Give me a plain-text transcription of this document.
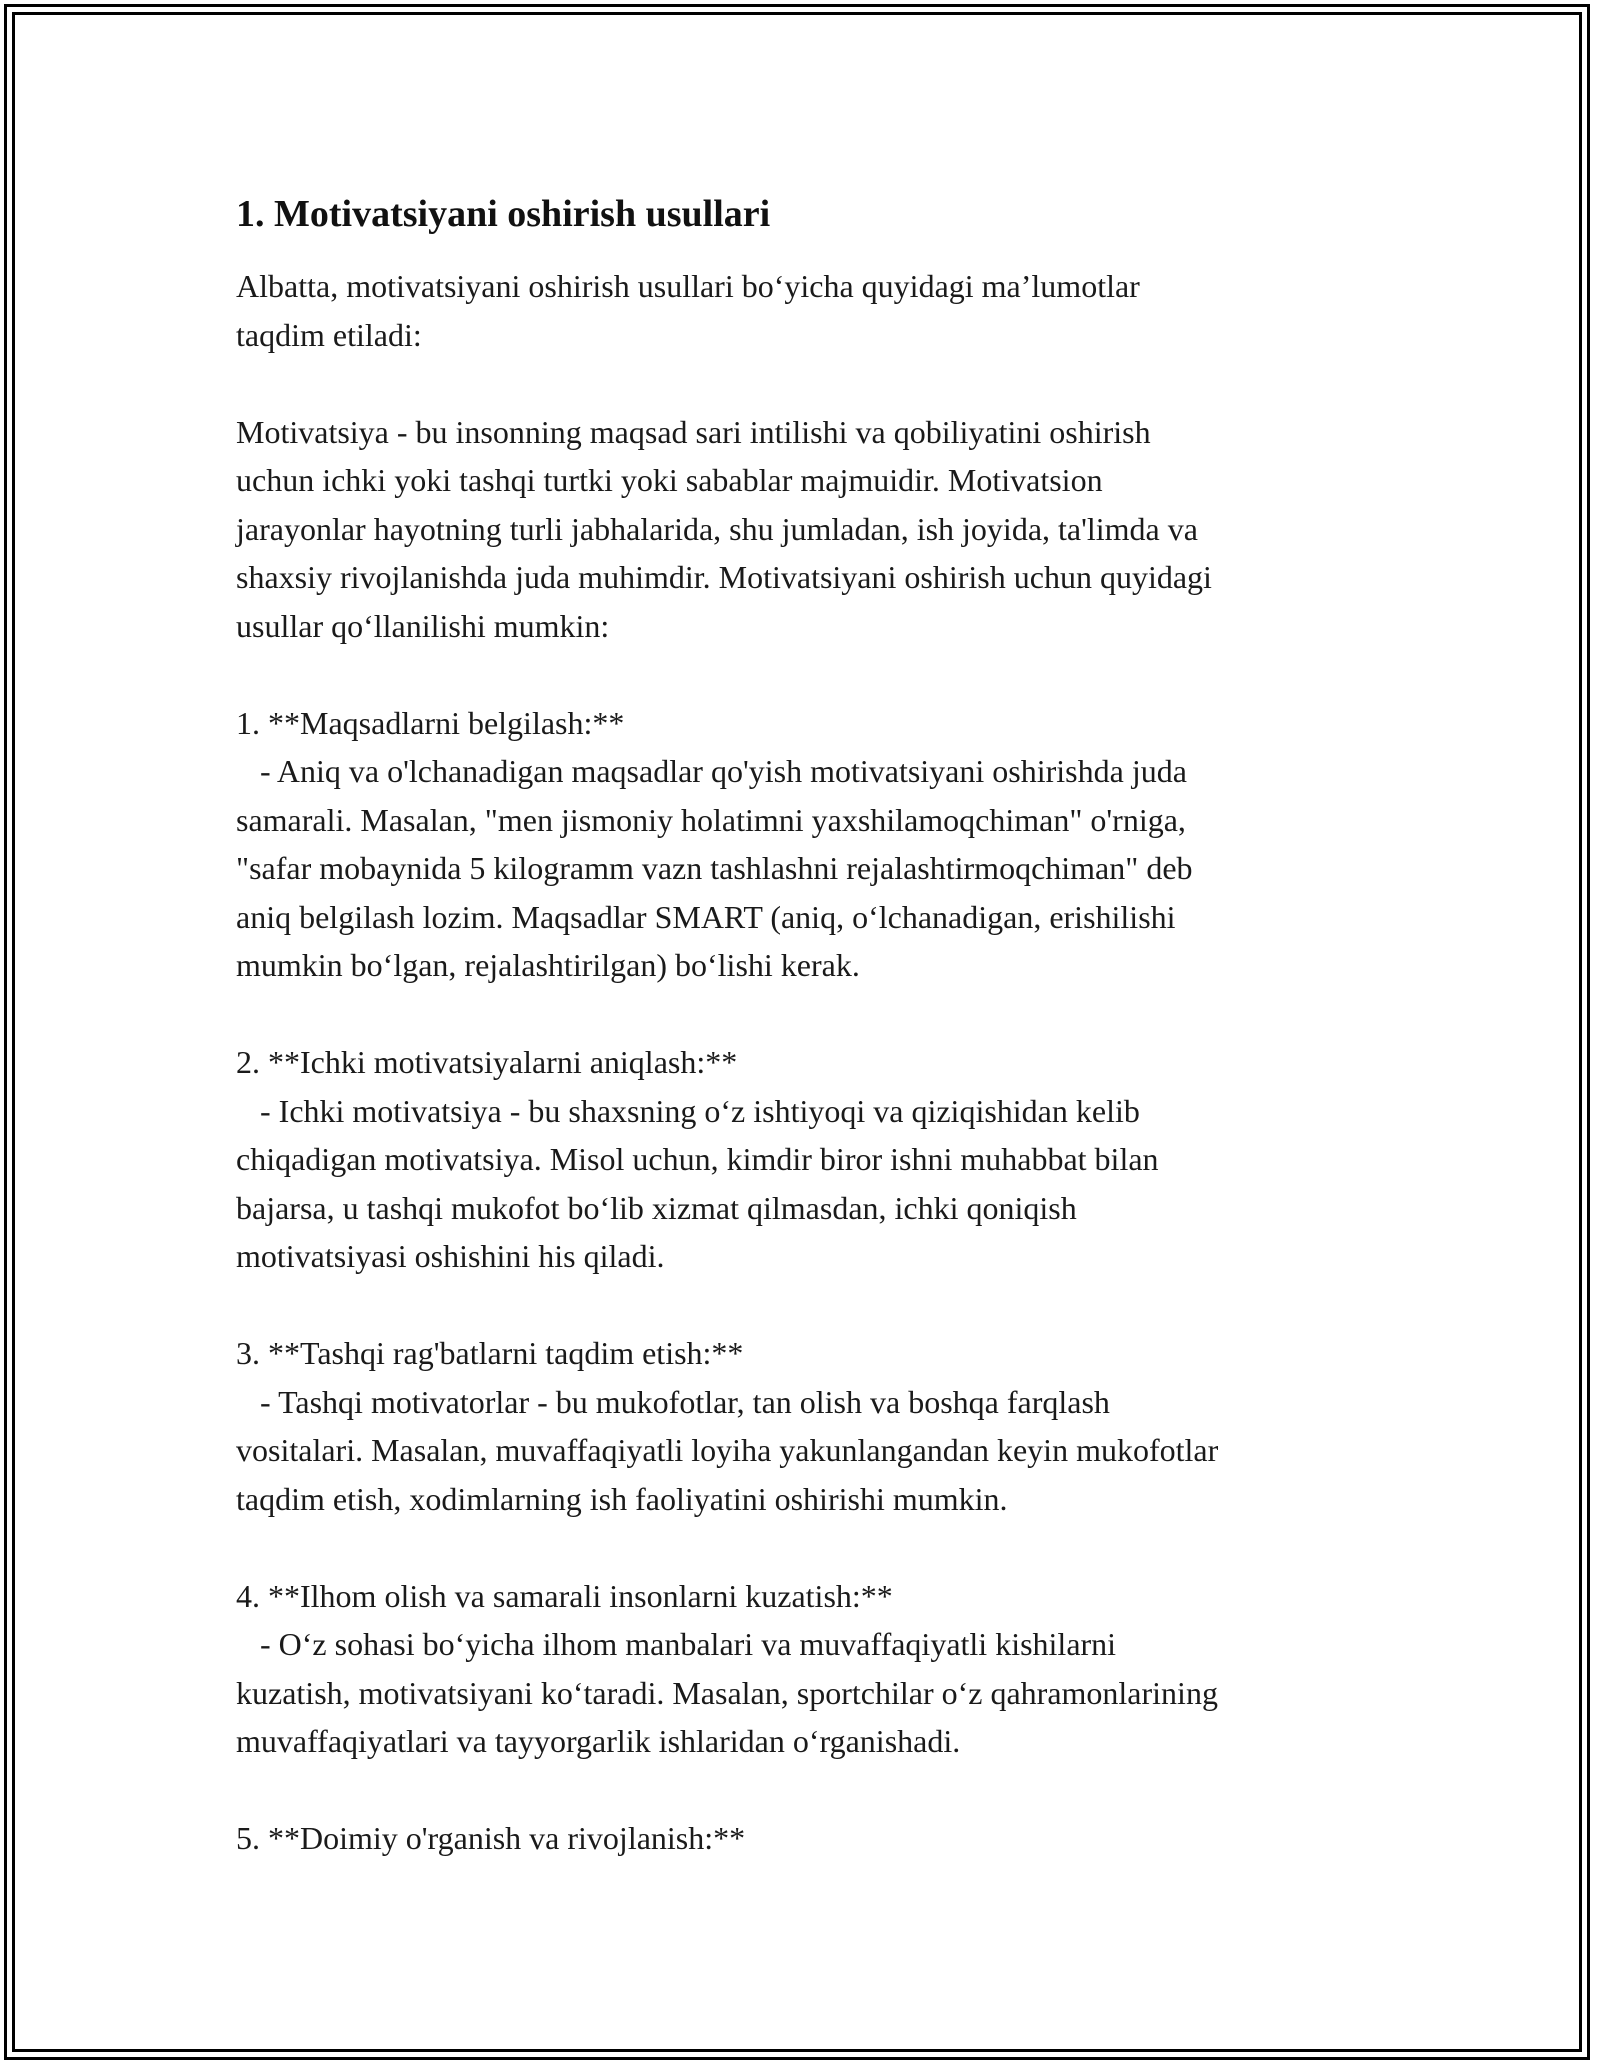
1. Motivatsiyani oshirish usullari

Albatta, motivatsiyani oshirish usullari bo‘yicha quyidagi ma’lumotlar
taqdim etiladi:

Motivatsiya - bu insonning maqsad sari intilishi va qobiliyatini oshirish
uchun ichki yoki tashqi turtki yoki sabablar majmuidir. Motivatsion
jarayonlar hayotning turli jabhalarida, shu jumladan, ish joyida, ta'limda va
shaxsiy rivojlanishda juda muhimdir. Motivatsiyani oshirish uchun quyidagi
usullar qo‘llanilishi mumkin:

1. **Maqsadlarni belgilash:**
- Aniq va o'lchanadigan maqsadlar qo'yish motivatsiyani oshirishda juda
samarali. Masalan, "men jismoniy holatimni yaxshilamoqchiman" o'rniga,
"safar mobaynida 5 kilogramm vazn tashlashni rejalashtirmoqchiman" deb
aniq belgilash lozim. Maqsadlar SMART (aniq, o‘lchanadigan, erishilishi
mumkin bo‘lgan, rejalashtirilgan) bo‘lishi kerak.
2. **Ichki motivatsiyalarni aniqlash:**
- Ichki motivatsiya - bu shaxsning o‘z ishtiyoqi va qiziqishidan kelib
chiqadigan motivatsiya. Misol uchun, kimdir biror ishni muhabbat bilan
bajarsa, u tashqi mukofot bo‘lib xizmat qilmasdan, ichki qoniqish
motivatsiyasi oshishini his qiladi.
3. **Tashqi rag'batlarni taqdim etish:**
- Tashqi motivatorlar - bu mukofotlar, tan olish va boshqa farqlash
vositalari. Masalan, muvaffaqiyatli loyiha yakunlangandan keyin mukofotlar
taqdim etish, xodimlarning ish faoliyatini oshirishi mumkin.
4. **Ilhom olish va samarali insonlarni kuzatish:**
- O‘z sohasi bo‘yicha ilhom manbalari va muvaffaqiyatli kishilarni
kuzatish, motivatsiyani ko‘taradi. Masalan, sportchilar o‘z qahramonlarining
muvaffaqiyatlari va tayyorgarlik ishlaridan o‘rganishadi.
5. **Doimiy o'rganish va rivojlanish:**
